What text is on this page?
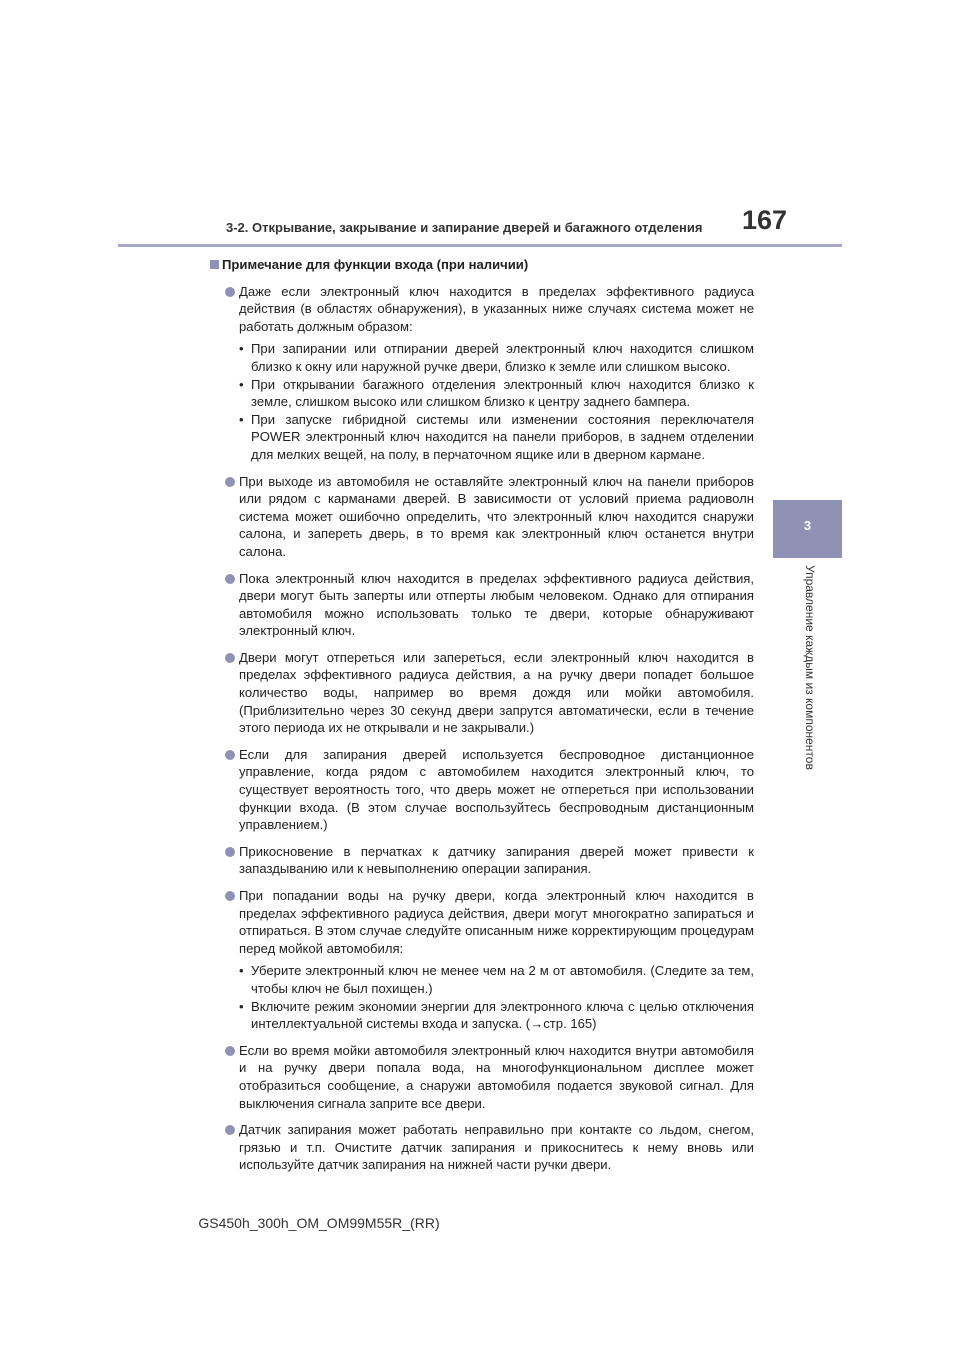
3-2. Открывание, закрывание и запирание дверей и багажного отделения 167
3
Управление каждым из компонентов
Примечание для функции входа (при наличии)
Даже если электронный ключ находится в пределах эффективного радиуса действия (в областях обнаружения), в указанных ниже случаях система может не работать должным образом:
• При запирании или отпирании дверей электронный ключ находится слишком близко к окну или наружной ручке двери, близко к земле или слишком высоко.
• При открывании багажного отделения электронный ключ находится близко к земле, слишком высоко или слишком близко к центру заднего бампера.
• При запуске гибридной системы или изменении состояния переключателя POWER электронный ключ находится на панели приборов, в заднем отделении для мелких вещей, на полу, в перчаточном ящике или в дверном кармане.
При выходе из автомобиля не оставляйте электронный ключ на панели приборов или рядом с карманами дверей. В зависимости от условий приема радиоволн система может ошибочно определить, что электронный ключ находится снаружи салона, и запереть дверь, в то время как электронный ключ останется внутри салона.
Пока электронный ключ находится в пределах эффективного радиуса действия, двери могут быть заперты или отперты любым человеком. Однако для отпирания автомобиля можно использовать только те двери, которые обнаруживают электронный ключ.
Двери могут отпереться или запереться, если электронный ключ находится в пределах эффективного радиуса действия, а на ручку двери попадет большое количество воды, например во время дождя или мойки автомобиля. (Приблизительно через 30 секунд двери запрутся автоматически, если в течение этого периода их не открывали и не закрывали.)
Если для запирания дверей используется беспроводное дистанционное управление, когда рядом с автомобилем находится электронный ключ, то существует вероятность того, что дверь может не отпереться при использовании функции входа. (В этом случае воспользуйтесь беспроводным дистанционным управлением.)
Прикосновение в перчатках к датчику запирания дверей может привести к запаздыванию или к невыполнению операции запирания.
При попадании воды на ручку двери, когда электронный ключ находится в пределах эффективного радиуса действия, двери могут многократно запираться и отпираться. В этом случае следуйте описанным ниже корректирующим процедурам перед мойкой автомобиля:
• Уберите электронный ключ не менее чем на 2 м от автомобиля. (Следите за тем, чтобы ключ не был похищен.)
• Включите режим экономии энергии для электронного ключа с целью отключения интеллектуальной системы входа и запуска. (→стр. 165)
Если во время мойки автомобиля электронный ключ находится внутри автомобиля и на ручку двери попала вода, на многофункциональном дисплее может отобразиться сообщение, а снаружи автомобиля подается звуковой сигнал. Для выключения сигнала заприте все двери.
Датчик запирания может работать неправильно при контакте со льдом, снегом, грязью и т.п. Очистите датчик запирания и прикоснитесь к нему вновь или используйте датчик запирания на нижней части ручки двери.
GS450h_300h_OM_OM99M55R_(RR)
